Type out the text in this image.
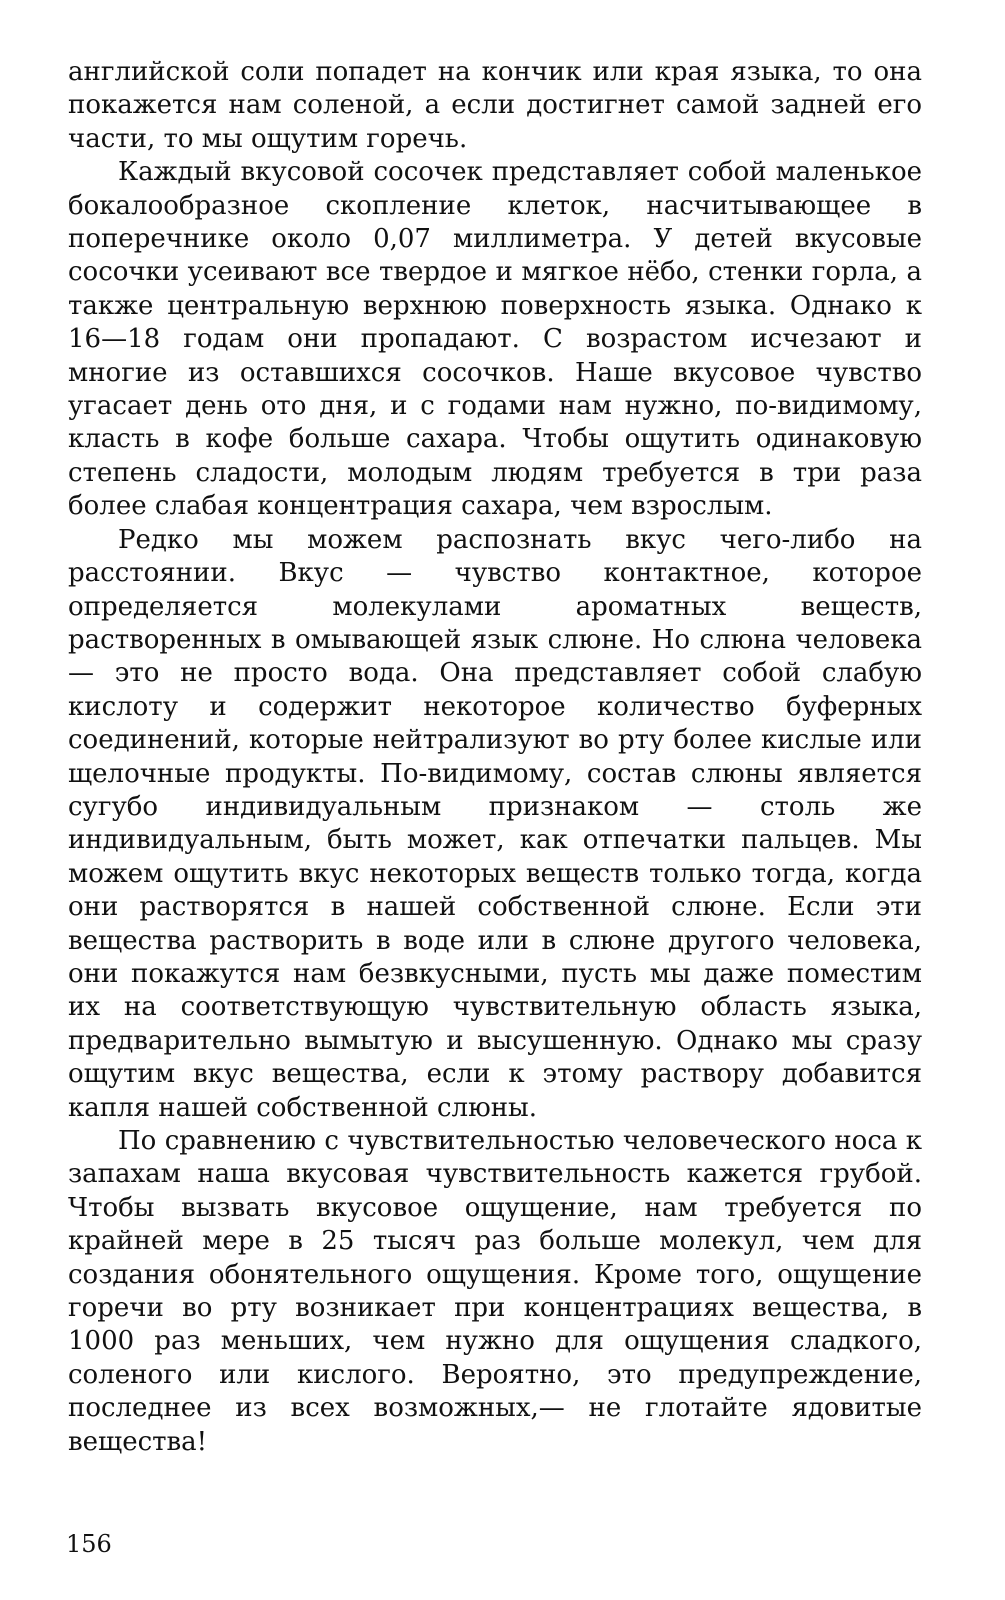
английской соли попадет на кончик или края языка, то она покажется нам соленой, а если достигнет самой задней его части, то мы ощутим горечь.

Каждый вкусовой сосочек представляет собой маленькое бокалообразное скопление клеток, насчитывающее в поперечнике около 0,07 миллиметра. У детей вкусовые сосочки усеивают все твердое и мягкое нёбо, стенки горла, а также центральную верхнюю поверхность языка. Однако к 16—18 годам они пропадают. С возрастом исчезают и многие из оставшихся сосочков. Наше вкусовое чувство угасает день ото дня, и с годами нам нужно, по-видимому, класть в кофе больше сахара. Чтобы ощутить одинаковую степень сладости, молодым людям требуется в три раза более слабая концентрация сахара, чем взрослым.

Редко мы можем распознать вкус чего-либо на расстоянии. Вкус — чувство контактное, которое определяется молекулами ароматных веществ, растворенных в омывающей язык слюне. Но слюна человека — это не просто вода. Она представляет собой слабую кислоту и содержит некоторое количество буферных соединений, которые нейтрализуют во рту более кислые или щелочные продукты. По-видимому, состав слюны является сугубо индивидуальным признаком — столь же индивидуальным, быть может, как отпечатки пальцев. Мы можем ощутить вкус некоторых веществ только тогда, когда они растворятся в нашей собственной слюне. Если эти вещества растворить в воде или в слюне другого человека, они покажутся нам безвкусными, пусть мы даже поместим их на соответствующую чувствительную область языка, предварительно вымытую и высушенную. Однако мы сразу ощутим вкус вещества, если к этому раствору добавится капля нашей собственной слюны.

По сравнению с чувствительностью человеческого носа к запахам наша вкусовая чувствительность кажется грубой. Чтобы вызвать вкусовое ощущение, нам требуется по крайней мере в 25 тысяч раз больше молекул, чем для создания обонятельного ощущения. Кроме того, ощущение горечи во рту возникает при концентрациях вещества, в 1000 раз меньших, чем нужно для ощущения сладкого, соленого или кислого. Вероятно, это предупреждение, последнее из всех возможных,— не глотайте ядовитые вещества!

156
